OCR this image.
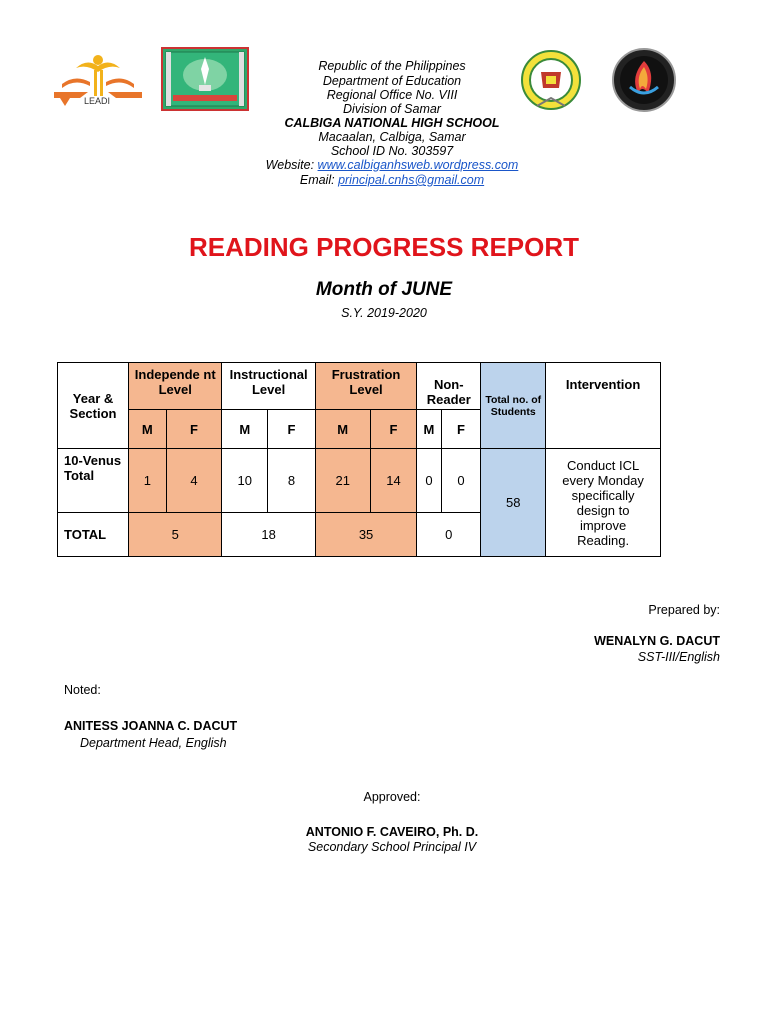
LEADI
Republic of the Philippines
Department of Education
Regional Office No. VIII
Division of Samar
CALBIGA NATIONAL HIGH SCHOOL
Macaalan, Calbiga, Samar
School ID No. 303597
Website: www.calbiganhsweb.wordpress.com
Email: principal.cnhs@gmail.com
READING PROGRESS REPORT
Month of JUNE
S.Y. 2019-2020
Year & Section	Independe nt Level		Instructional Level		Frustration Level		Non-Reader		Total no. of Students	Intervention
	M	F	M	F	M	F	M	F		
10-Venus Total	1	4	10	8	21	14	0	0	58	Conduct ICL every Monday specifically design to improve Reading.
TOTAL	5		18		35		0			
Prepared by:
WENALYN G. DACUT
SST-III/English
Noted:
ANITESS JOANNA C. DACUT
Department Head, English
Approved:
ANTONIO F. CAVEIRO, Ph. D.
Secondary School Principal IV
